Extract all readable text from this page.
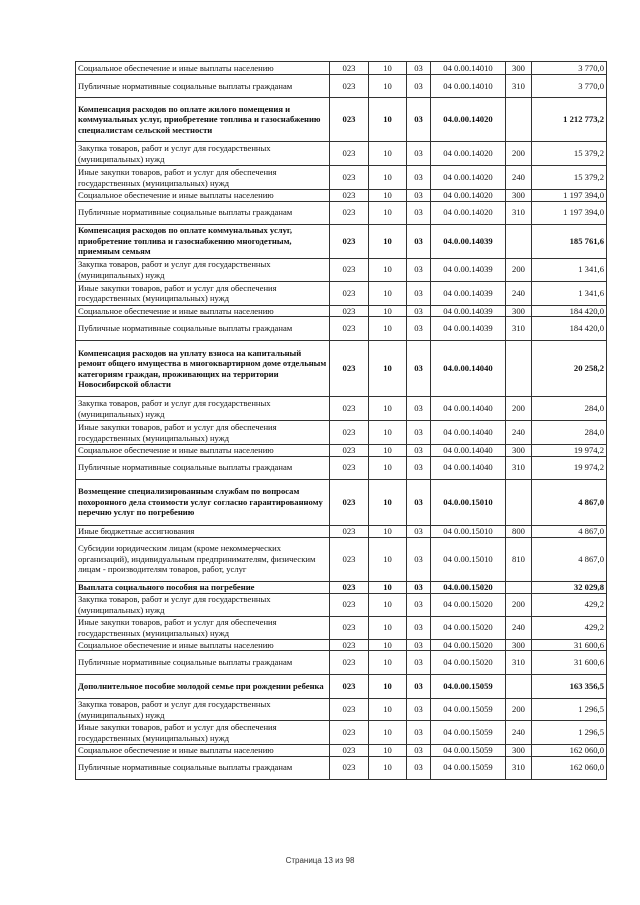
Социальное обеспечение и иные выплаты населению	023	10	03	04 0.00.14010	300	3 770,0
Публичные нормативные социальные выплаты гражданам	023	10	03	04 0.00.14010	310	3 770,0
Компенсация расходов по оплате жилого помещения и коммунальных услуг, приобретение топлива и газоснабжению специалистам сельской местности	023	10	03	04.0.00.14020		1 212 773,2
Закупка товаров, работ и услуг для государственных (муниципальных) нужд	023	10	03	04 0.00.14020	200	15 379,2
Иные закупки товаров, работ и услуг для обеспечения государственных (муниципальных) нужд	023	10	03	04 0.00.14020	240	15 379,2
Социальное обеспечение и иные выплаты населению	023	10	03	04 0.00.14020	300	1 197 394,0
Публичные нормативные социальные выплаты гражданам	023	10	03	04 0.00.14020	310	1 197 394,0
Компенсация расходов по оплате коммунальных услуг, приобретение топлива и газоснабжению многодетным, приемным семьям	023	10	03	04.0.00.14039		185 761,6
Закупка товаров, работ и услуг для государственных (муниципальных) нужд	023	10	03	04 0.00.14039	200	1 341,6
Иные закупки товаров, работ и услуг для обеспечения государственных (муниципальных) нужд	023	10	03	04 0.00.14039	240	1 341,6
Социальное обеспечение и иные выплаты населению	023	10	03	04 0.00.14039	300	184 420,0
Публичные нормативные социальные выплаты гражданам	023	10	03	04 0.00.14039	310	184 420,0
Компенсация расходов на уплату взноса на капитальный ремонт общего имущества в многоквартирном доме отдельным категориям граждан, проживающих на территории Новосибирской области	023	10	03	04.0.00.14040		20 258,2
Закупка товаров, работ и услуг для государственных (муниципальных) нужд	023	10	03	04 0.00.14040	200	284,0
Иные закупки товаров, работ и услуг для обеспечения государственных (муниципальных) нужд	023	10	03	04 0.00.14040	240	284,0
Социальное обеспечение и иные выплаты населению	023	10	03	04 0.00.14040	300	19 974,2
Публичные нормативные социальные выплаты гражданам	023	10	03	04 0.00.14040	310	19 974,2
Возмещение специализированным службам по вопросам похоронного дела стоимости услуг согласно гарантированному перечню услуг по погребению	023	10	03	04.0.00.15010		4 867,0
Иные бюджетные ассигнования	023	10	03	04 0.00.15010	800	4 867,0
Субсидии юридическим лицам (кроме некоммерческих организаций), индивидуальным предпринимателям, физическим лицам - производителям товаров, работ, услуг	023	10	03	04 0.00.15010	810	4 867,0
Выплата социального пособия на погребение	023	10	03	04.0.00.15020		32 029,8
Закупка товаров, работ и услуг для государственных (муниципальных) нужд	023	10	03	04 0.00.15020	200	429,2
Иные закупки товаров, работ и услуг для обеспечения государственных (муниципальных) нужд	023	10	03	04 0.00.15020	240	429,2
Социальное обеспечение и иные выплаты населению	023	10	03	04 0.00.15020	300	31 600,6
Публичные нормативные социальные выплаты гражданам	023	10	03	04 0.00.15020	310	31 600,6
Дополнительное пособие молодой семье при рождении ребенка	023	10	03	04.0.00.15059		163 356,5
Закупка товаров, работ и услуг для государственных (муниципальных) нужд	023	10	03	04 0.00.15059	200	1 296,5
Иные закупки товаров, работ и услуг для обеспечения государственных (муниципальных) нужд	023	10	03	04 0.00.15059	240	1 296,5
Социальное обеспечение и иные выплаты населению	023	10	03	04 0.00.15059	300	162 060,0
Публичные нормативные социальные выплаты гражданам	023	10	03	04 0.00.15059	310	162 060,0
Страница 13 из 98
